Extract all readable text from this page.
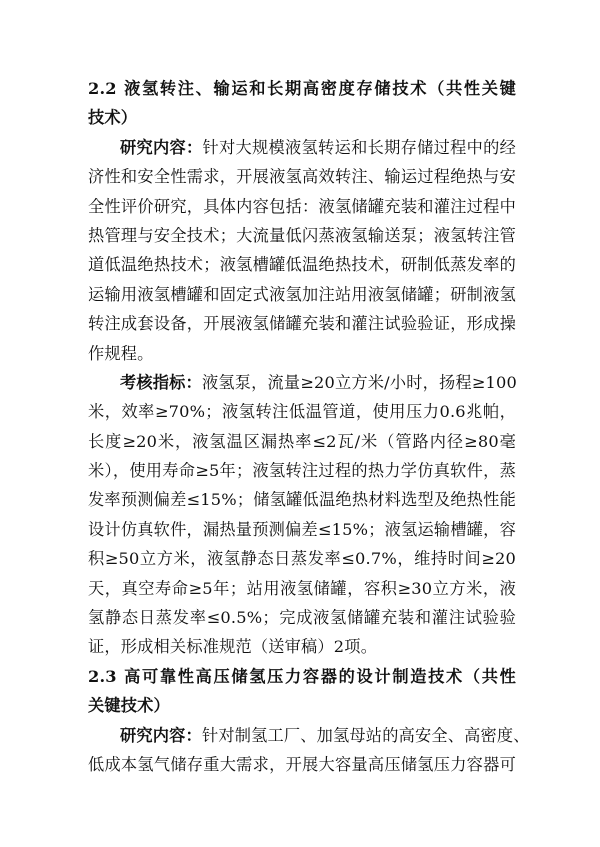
2.2 液氢转注、输运和长期高密度存储技术（共性关键
技术）
研究内容：针对大规模液氢转运和长期存储过程中的经
济性和安全性需求，开展液氢高效转注、输运过程绝热与安
全性评价研究，具体内容包括：液氢储罐充装和灌注过程中
热管理与安全技术；大流量低闪蒸液氢输送泵；液氢转注管
道低温绝热技术；液氢槽罐低温绝热技术，研制低蒸发率的
运输用液氢槽罐和固定式液氢加注站用液氢储罐；研制液氢
转注成套设备，开展液氢储罐充装和灌注试验验证，形成操
作规程。
考核指标：液氢泵，流量≥20立方米/小时，扬程≥100
米，效率≥70%；液氢转注低温管道，使用压力0.6兆帕，
长度≥20米，液氢温区漏热率≤2瓦/米（管路内径≥80毫
米），使用寿命≥5年；液氢转注过程的热力学仿真软件，蒸
发率预测偏差≤15%；储氢罐低温绝热材料选型及绝热性能
设计仿真软件，漏热量预测偏差≤15%；液氢运输槽罐，容
积≥50立方米，液氢静态日蒸发率≤0.7%，维持时间≥20
天，真空寿命≥5年；站用液氢储罐，容积≥30立方米，液
氢静态日蒸发率≤0.5%；完成液氢储罐充装和灌注试验验
证，形成相关标准规范（送审稿）2项。
2.3 高可靠性高压储氢压力容器的设计制造技术（共性
关键技术）
研究内容：针对制氢工厂、加氢母站的高安全、高密度、
低成本氢气储存重大需求，开展大容量高压储氢压力容器可
